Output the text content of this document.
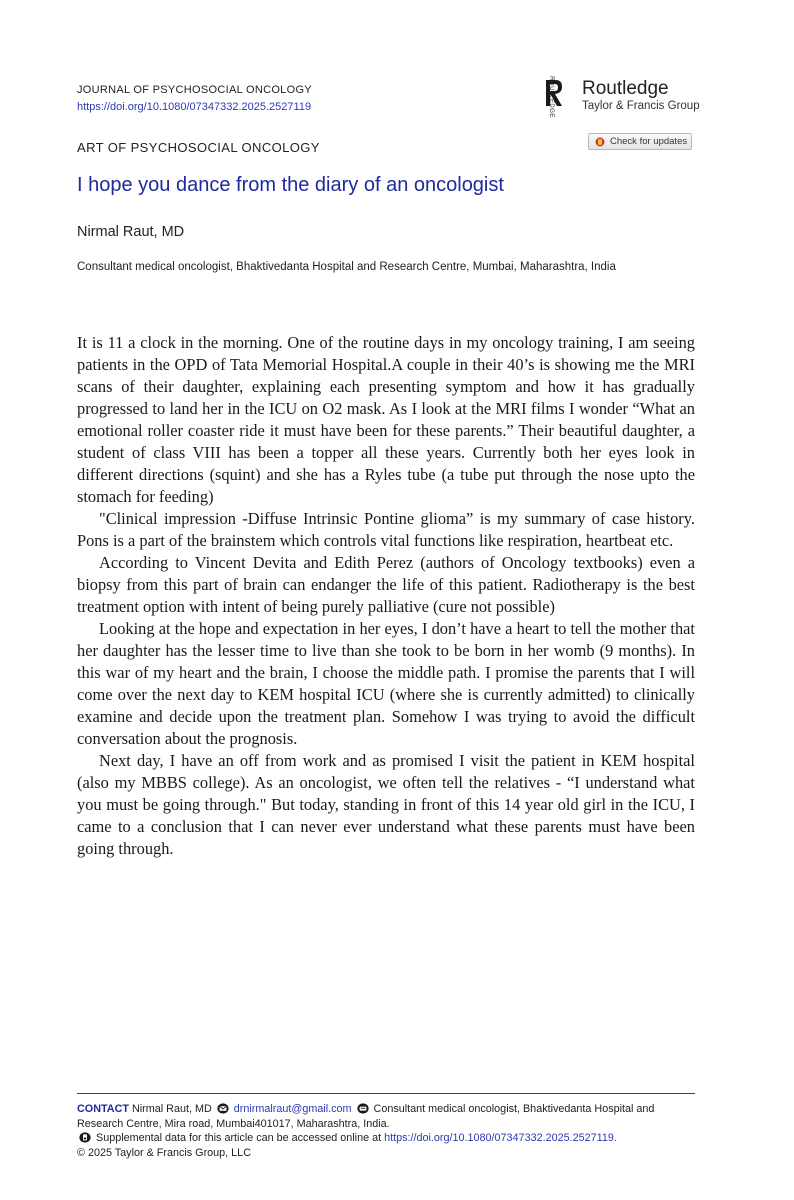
JOURNAL OF PSYCHOSOCIAL ONCOLOGY
https://doi.org/10.1080/07347332.2025.2527119	ROUTLEDGE Routledge
Taylor & Francis Group
ART OF PSYCHOSOCIAL ONCOLOGY	Check for updates
I hope you dance from the diary of an oncologist
Nirmal Raut, MD
Consultant medical oncologist, Bhaktivedanta Hospital and Research Centre, Mumbai, Maharashtra, India

It is 11 a clock in the morning. One of the routine days in my oncology training, I am seeing patients in the OPD of Tata Memorial Hospital.A couple in their 40’s is showing me the MRI scans of their daughter, explaining each presenting symptom and how it has gradually progressed to land her in the ICU on O2 mask. As I look at the MRI films I wonder “What an emotional roller coaster ride it must have been for these parents.” Their beautiful daughter, a student of class VIII has been a topper all these years. Currently both her eyes look in different directions (squint) and she has a Ryles tube (a tube put through the nose upto the stomach for feeding)

"Clinical impression -Diffuse Intrinsic Pontine glioma” is my summary of case history. Pons is a part of the brainstem which controls vital functions like respiration, heartbeat etc.

According to Vincent Devita and Edith Perez (authors of Oncology textbooks) even a biopsy from this part of brain can endanger the life of this patient. Radiotherapy is the best treatment option with intent of being purely palliative (cure not possible)

Looking at the hope and expectation in her eyes, I don’t have a heart to tell the mother that her daughter has the lesser time to live than she took to be born in her womb (9 months). In this war of my heart and the brain, I choose the middle path. I promise the parents that I will come over the next day to KEM hospital ICU (where she is currently admitted) to clinically examine and decide upon the treatment plan. Somehow I was trying to avoid the difficult conversation about the prognosis.

Next day, I have an off from work and as promised I visit the patient in KEM hospital (also my MBBS college). As an oncologist, we often tell the relatives - “I understand what you must be going through." But today, standing in front of this 14 year old girl in the ICU, I came to a conclusion that I can never ever understand what these parents must have been going through.

CONTACT Nirmal Raut, MD drnirmalraut@gmail.com Consultant medical oncologist, Bhaktivedanta Hospital and Research Centre, Mira road, Mumbai401017, Maharashtra, India.

Supplemental data for this article can be accessed online at https://doi.org/10.1080/07347332.2025.2527119.

© 2025 Taylor & Francis Group, LLC
